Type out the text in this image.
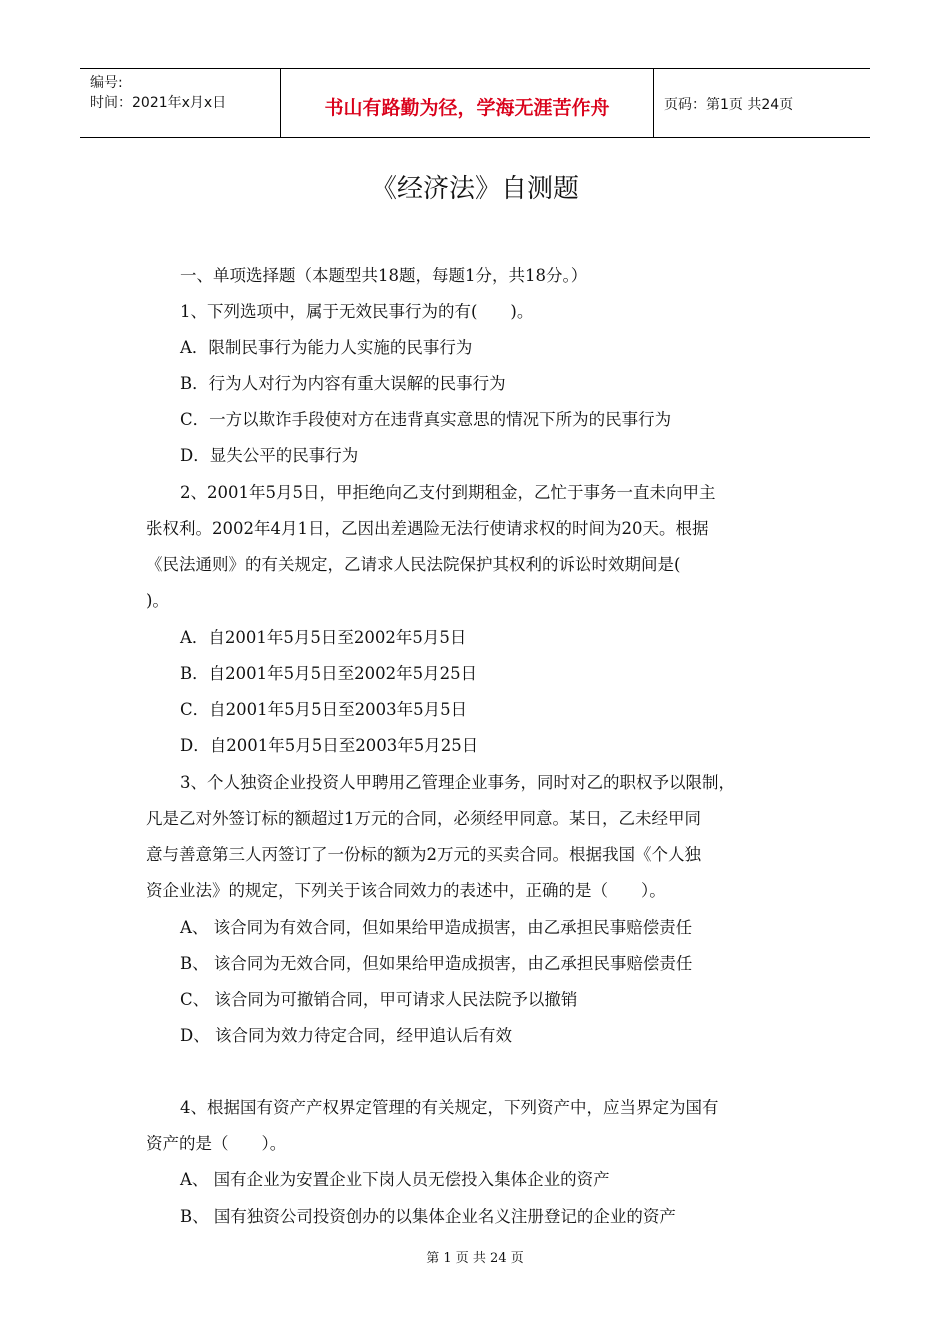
编号:
时间：2021年x月x日	书山有路勤为径，学海无涯苦作舟	页码：第1页 共24页
《经济法》自测题
一、单项选择题（本题型共18题，每题1分，共18分。）
1、下列选项中，属于无效民事行为的有(　　)。
A．限制民事行为能力人实施的民事行为
B．行为人对行为内容有重大误解的民事行为
C．一方以欺诈手段使对方在违背真实意思的情况下所为的民事行为
D．显失公平的民事行为
2、2001年5月5日，甲拒绝向乙支付到期租金，乙忙于事务一直未向甲主
张权利。2002年4月1日，乙因出差遇险无法行使请求权的时间为20天。根据
《民法通则》的有关规定，乙请求人民法院保护其权利的诉讼时效期间是(
)。
A．自2001年5月5日至2002年5月5日
B．自2001年5月5日至2002年5月25日
C．自2001年5月5日至2003年5月5日
D．自2001年5月5日至2003年5月25日
3、个人独资企业投资人甲聘用乙管理企业事务，同时对乙的职权予以限制，
凡是乙对外签订标的额超过1万元的合同，必须经甲同意。某日，乙未经甲同
意与善意第三人丙签订了一份标的额为2万元的买卖合同。根据我国《个人独
资企业法》的规定，下列关于该合同效力的表述中，正确的是（　　）。
A、 该合同为有效合同，但如果给甲造成损害，由乙承担民事赔偿责任
B、 该合同为无效合同，但如果给甲造成损害，由乙承担民事赔偿责任
C、 该合同为可撤销合同，甲可请求人民法院予以撤销
D、 该合同为效力待定合同，经甲追认后有效
4、根据国有资产产权界定管理的有关规定，下列资产中，应当界定为国有
资产的是（　　）。
A、 国有企业为安置企业下岗人员无偿投入集体企业的资产
B、 国有独资公司投资创办的以集体企业名义注册登记的企业的资产
第 1 页 共 24 页
